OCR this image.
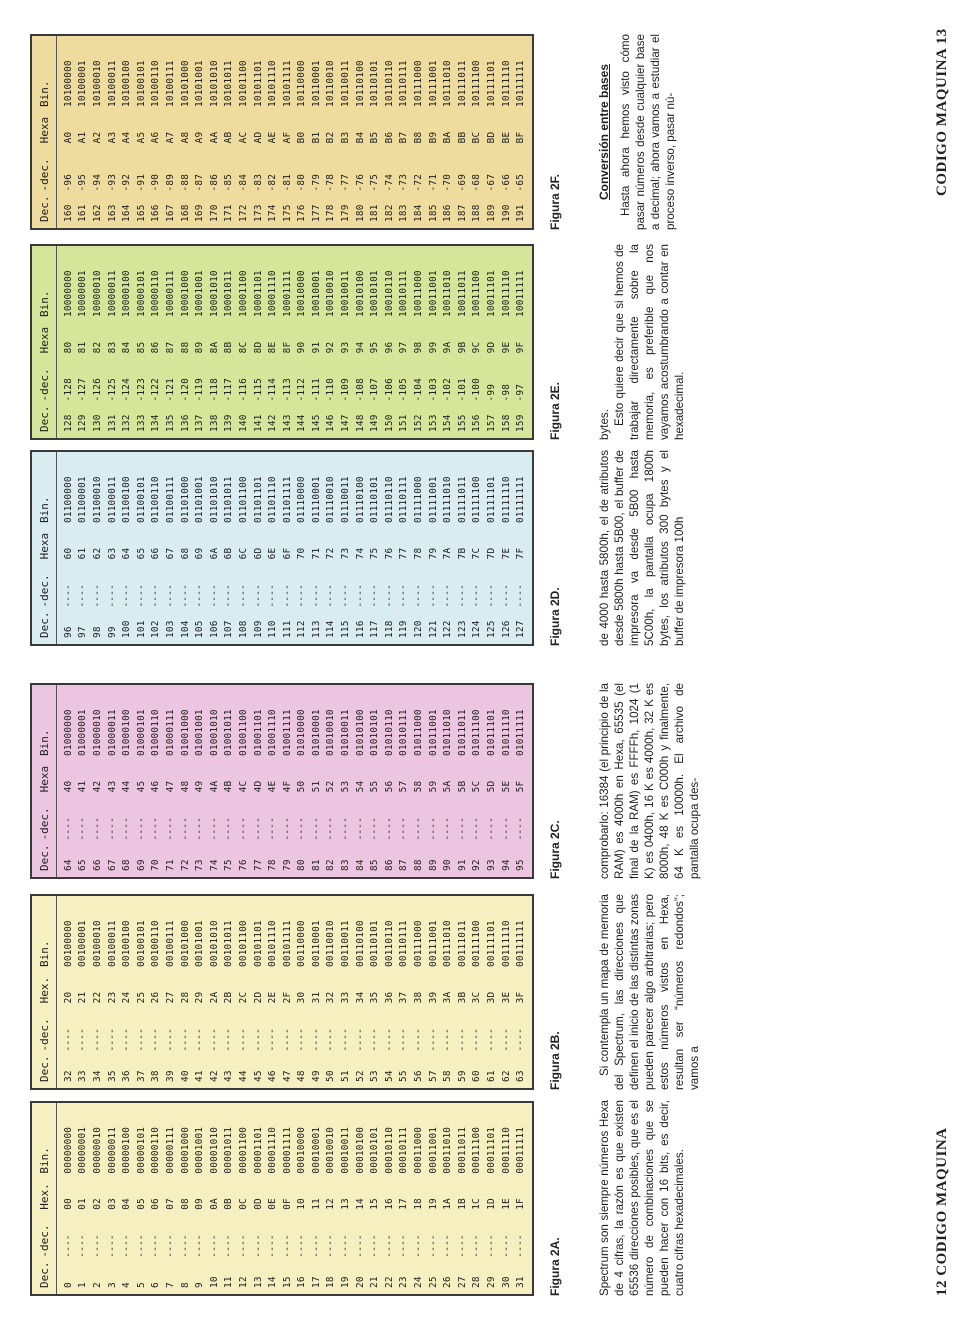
Dec.
-dec.
Hex.
Bin.
0
----
00
00000000
1
----
01
00000001
2
----
02
00000010
3
----
03
00000011
4
----
04
00000100
5
----
05
00000101
6
----
06
00000110
7
----
07
00000111
8
----
08
00001000
9
----
09
00001001
10
----
0A
00001010
11
----
0B
00001011
12
----
0C
00001100
13
----
0D
00001101
14
----
0E
00001110
15
----
0F
00001111
16
----
10
00010000
17
----
11
00010001
18
----
12
00010010
19
----
13
00010011
20
----
14
00010100
21
----
15
00010101
22
----
16
00010110
23
----
17
00010111
24
----
18
00011000
25
----
19
00011001
26
----
1A
00011010
27
----
1B
00011011
28
----
1C
00011100
29
----
1D
00011101
30
----
1E
00011110
31
----
1F
00011111
Figura 2A.
Dec.
-dec.
Hex.
Bin.
32
----
20
00100000
33
----
21
00100001
34
----
22
00100010
35
----
23
00100011
36
----
24
00100100
37
----
25
00100101
38
----
26
00100110
39
----
27
00100111
40
----
28
00101000
41
----
29
00101001
42
----
2A
00101010
43
----
2B
00101011
44
----
2C
00101100
45
----
2D
00101101
46
----
2E
00101110
47
----
2F
00101111
48
----
30
00110000
49
----
31
00110001
50
----
32
00110010
51
----
33
00110011
52
----
34
00110100
53
----
35
00110101
54
----
36
00110110
55
----
37
00110111
56
----
38
00111000
57
----
39
00111001
58
----
3A
00111010
59
----
3B
00111011
60
----
3C
00111100
61
----
3D
00111101
62
----
3E
00111110
63
----
3F
00111111
Figura 2B.
Dec.
-dec.
Hexa
Bin.
64
----
40
01000000
65
----
41
01000001
66
----
42
01000010
67
----
43
01000011
68
----
44
01000100
69
----
45
01000101
70
----
46
01000110
71
----
47
01000111
72
----
48
01001000
73
----
49
01001001
74
----
4A
01001010
75
----
4B
01001011
76
----
4C
01001100
77
----
4D
01001101
78
----
4E
01001110
79
----
4F
01001111
80
----
50
01010000
81
----
51
01010001
82
----
52
01010010
83
----
53
01010011
84
----
54
01010100
85
----
55
01010101
86
----
56
01010110
87
----
57
01010111
88
----
58
01011000
89
----
59
01011001
90
----
5A
01011010
91
----
5B
01011011
92
----
5C
01011100
93
----
5D
01011101
94
----
5E
01011110
95
----
5F
01011111
Figura 2C.

Spectrum son siempre números Hexa de 4 cifras, la razón es que existen 65536 direcciones posibles, que es el número de combinaciones que se pueden hacer con 16 bits, es decir, cuatro cifras hexadecimales.

Si contempla un mapa de memoria del Spectrum, las direcciones que definen el inicio de las distintas zonas pueden parecer algo arbitrarias; pero estos números vistos en Hexa, resultan ser “números redondos”; vamos a

comprobarlo: 16384 (el principio de la RAM) es 4000h en Hexa, 65535 (el final de la RAM) es FFFFh, 1024 (1 K) es 0400h, 16 K es 4000h, 32 K es 8000h, 48 K es C000h y finalmente, 64 K es 10000h. El archivo de pantalla ocupa des-

12 CODIGO MAQUINA
Dec.
-dec.
Hexa
Bin.
96
----
60
01100000
97
----
61
01100001
98
----
62
01100010
99
----
63
01100011
100
----
64
01100100
101
----
65
01100101
102
----
66
01100110
103
----
67
01100111
104
----
68
01101000
105
----
69
01101001
106
----
6A
01101010
107
----
6B
01101011
108
----
6C
01101100
109
----
6D
01101101
110
----
6E
01101110
111
----
6F
01101111
112
----
70
01110000
113
----
71
01110001
114
----
72
01110010
115
----
73
01110011
116
----
74
01110100
117
----
75
01110101
118
----
76
01110110
119
----
77
01110111
120
----
78
01111000
121
----
79
01111001
122
----
7A
01111010
123
----
7B
01111011
124
----
7C
01111100
125
----
7D
01111101
126
----
7E
01111110
127
----
7F
01111111
Figura 2D.
Dec.
-dec.
Hexa
Bin.
128
-128
80
10000000
129
-127
81
10000001
130
-126
82
10000010
131
-125
83
10000011
132
-124
84
10000100
133
-123
85
10000101
134
-122
86
10000110
135
-121
87
10000111
136
-120
88
10001000
137
-119
89
10001001
138
-118
8A
10001010
139
-117
8B
10001011
140
-116
8C
10001100
141
-115
8D
10001101
142
-114
8E
10001110
143
-113
8F
10001111
144
-112
90
10010000
145
-111
91
10010001
146
-110
92
10010010
147
-109
93
10010011
148
-108
94
10010100
149
-107
95
10010101
150
-106
96
10010110
151
-105
97
10010111
152
-104
98
10011000
153
-103
99
10011001
154
-102
9A
10011010
155
-101
9B
10011011
156
-100
9C
10011100
157
-99
9D
10011101
158
-98
9E
10011110
159
-97
9F
10011111
Figura 2E.
Dec.
-dec.
Hexa
Bin.
160
-96
A0
10100000
161
-95
A1
10100001
162
-94
A2
10100010
163
-93
A3
10100011
164
-92
A4
10100100
165
-91
A5
10100101
166
-90
A6
10100110
167
-89
A7
10100111
168
-88
A8
10101000
169
-87
A9
10101001
170
-86
AA
10101010
171
-85
AB
10101011
172
-84
AC
10101100
173
-83
AD
10101101
174
-82
AE
10101110
175
-81
AF
10101111
176
-80
B0
10110000
177
-79
B1
10110001
178
-78
B2
10110010
179
-77
B3
10110011
180
-76
B4
10110100
181
-75
B5
10110101
182
-74
B6
10110110
183
-73
B7
10110111
184
-72
B8
10111000
185
-71
B9
10111001
186
-70
BA
10111010
187
-69
BB
10111011
188
-68
BC
10111100
189
-67
BD
10111101
190
-66
BE
10111110
191
-65
BF
10111111
Figura 2F.

de 4000 hasta 5800h, el de atributos desde 5800h hasta 5B00, el buffer de impresora va desde 5B00 hasta 5C00h, la pantalla ocupa 1800h bytes, los atributos 300 bytes y el buffer de impresora 100h

bytes. Esto quiere decir que si hemos de trabajar directamente sobre la memoria, es preferible que nos vayamos acostumbrando a contar en hexadecimal.

Conversión entre bases Hasta ahora hemos visto cómo pasar números desde cualquier base a decimal; ahora vamos a estudiar el proceso inverso, pasar nú-	CODIGO MAQUINA 13
